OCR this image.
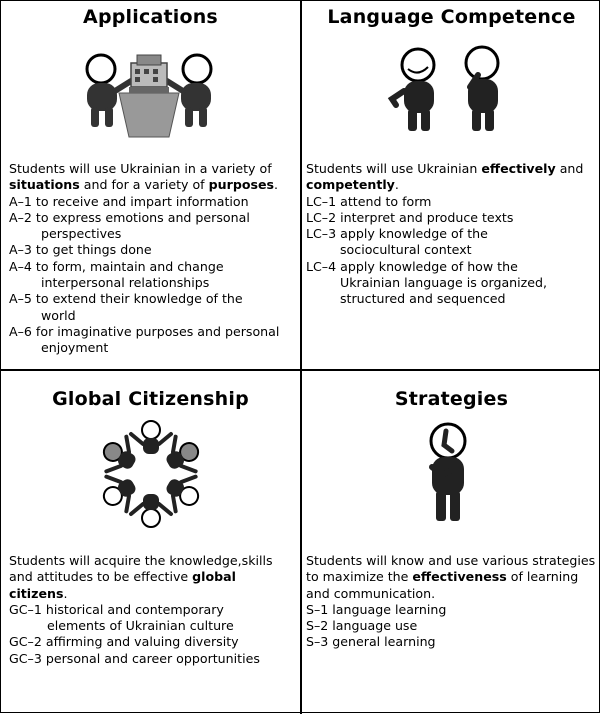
Applications
Students will use Ukrainian in a variety of situations and for a variety of purposes.
A–1 to receive and impart information
A–2 to express emotions and personal
perspectives
A–3 to get things done
A–4 to form, maintain and change
interpersonal relationships
A–5 to extend their knowledge of the
world
A–6 for imaginative purposes and personal
enjoyment
Language Competence
Students will use Ukrainian effectively and competently.
LC–1 attend to form
LC–2 interpret and produce texts
LC–3 apply knowledge of the
sociocultural context
LC–4 apply knowledge of how the
Ukrainian language is organized, structured and sequenced
Global Citizenship
Students will acquire the knowledge,skills and attitudes to be effective global citizens.
GC–1 historical and contemporary
elements of Ukrainian culture
GC–2 affirming and valuing diversity
GC–3 personal and career opportunities
Strategies
Students will know and use various strategies to maximize the effectiveness of learning and communication.
S–1 language learning
S–2 language use
S–3 general learning
